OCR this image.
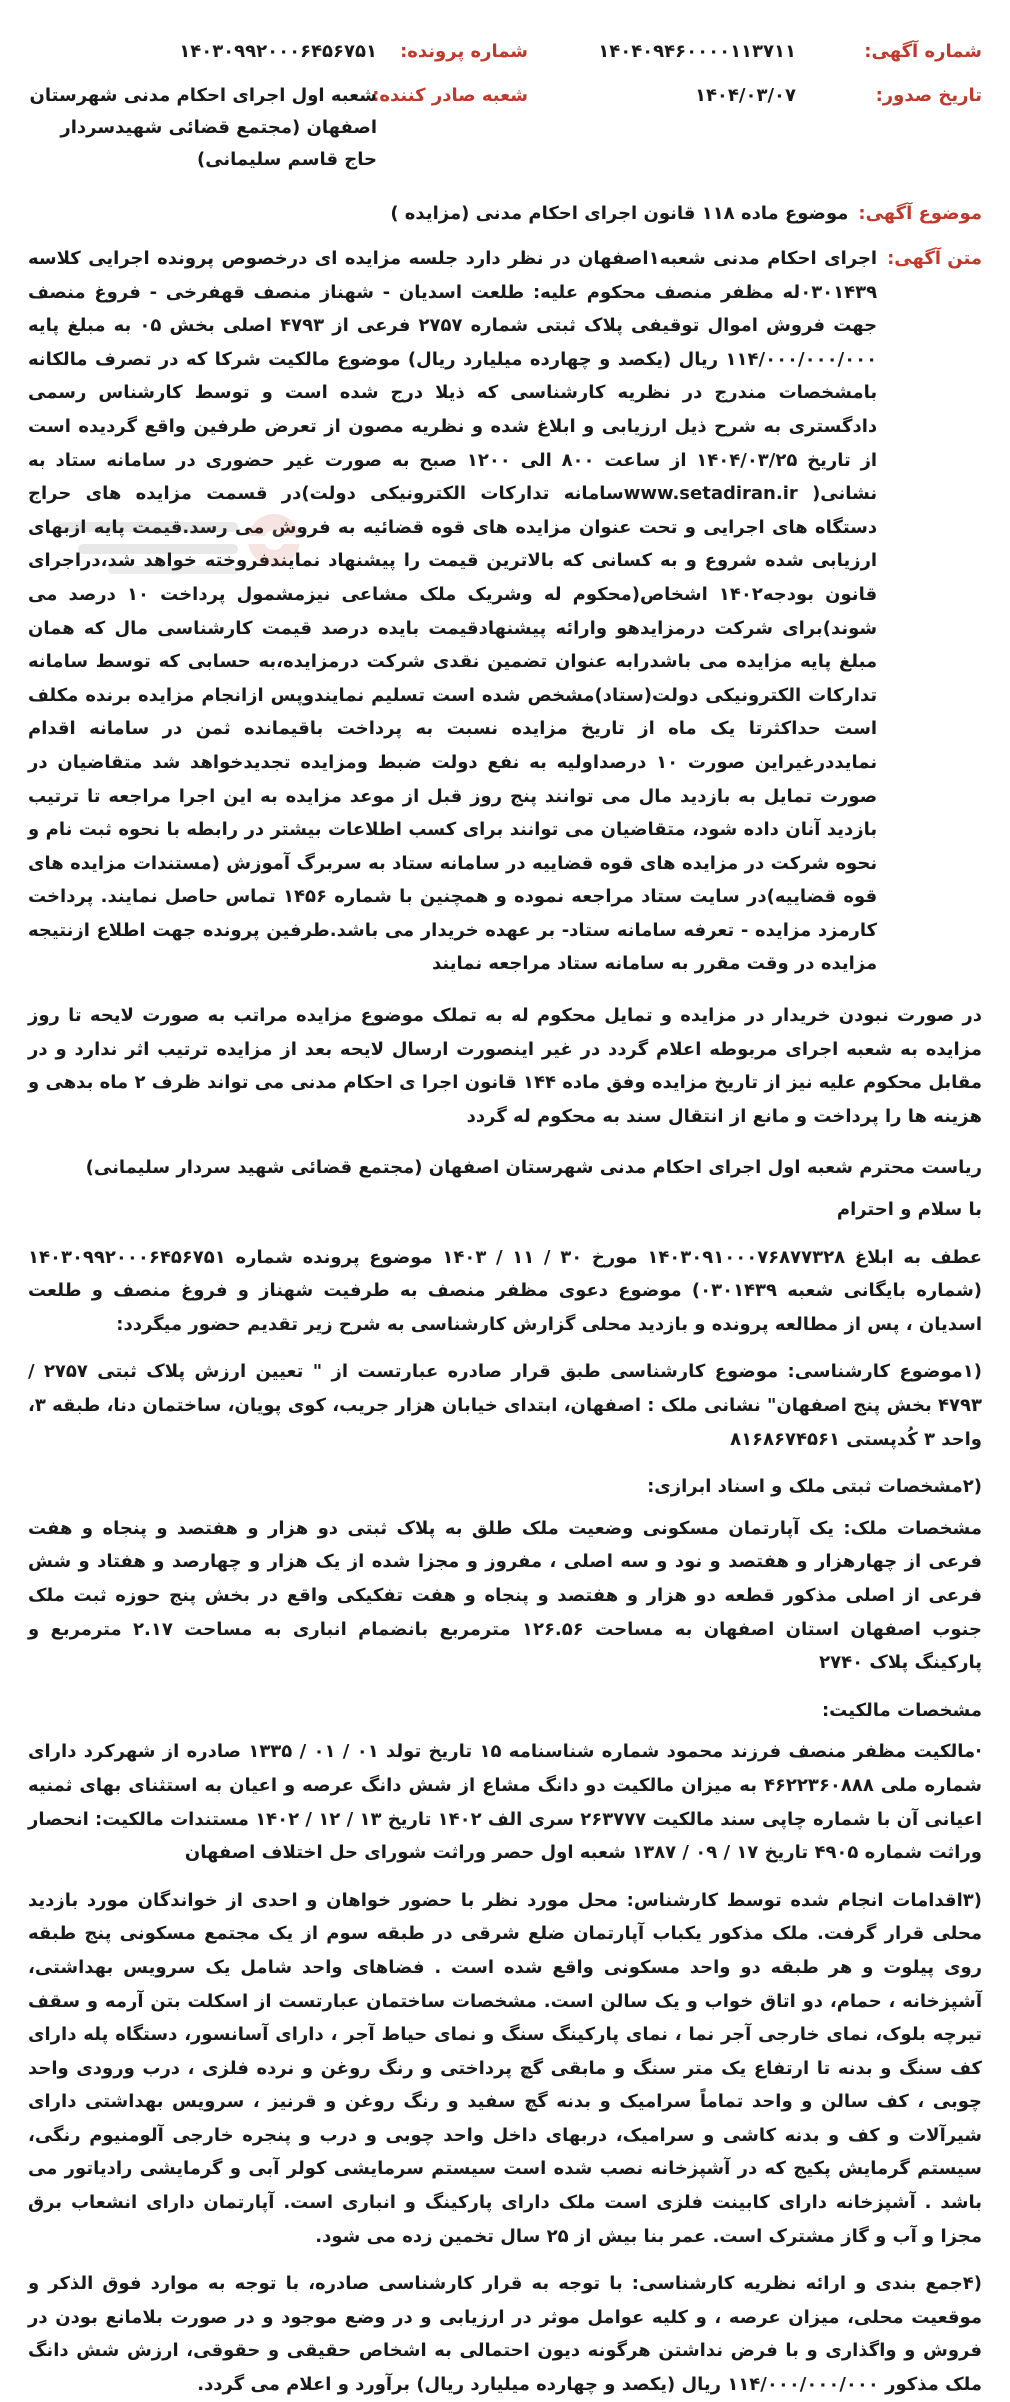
شماره آگهی:
۱۴۰۴۰۹۴۶۰۰۰۰۱۱۳۷۱۱
شماره پرونده:
۱۴۰۳۰۹۹۲۰۰۰۶۴۵۶۷۵۱
تاریخ صدور:
۱۴۰۴/۰۳/۰۷
شعبه صادر کننده:
شعبه اول اجرای احکام مدنی شهرستان اصفهان (مجتمع قضائی شهیدسردار حاج قاسم سلیمانی)
موضوع آگهی:
موضوع ماده ۱۱۸ قانون اجرای احکام مدنی (مزایده )
متن آگهی:

اجرای احکام مدنی شعبه۱اصفهان در نظر دارد جلسه مزایده ای درخصوص پرونده اجرایی کلاسه ۰۳۰۱۴۳۹له مظفر منصف محکوم علیه: طلعت اسدیان - شهناز منصف قهفرخی - فروغ منصف جهت فروش اموال توقیفی پلاک ثبتی شماره ۲۷۵۷ فرعی از ۴۷۹۳ اصلی بخش ۰۵ به مبلغ پایه ۱۱۴/۰۰۰/۰۰۰/۰۰۰ ریال (یکصد و چهارده میلیارد ریال) موضوع مالکیت شرکا که در تصرف مالکانه بامشخصات مندرج در نظریه کارشناسی که ذیلا درج شده است و توسط کارشناس رسمی دادگستری به شرح ذیل ارزیابی و ابلاغ شده و نظریه مصون از تعرض طرفین واقع گردیده است از تاریخ ۱۴۰۴/۰۳/۲۵ از ساعت ۸۰۰ الی ۱۲۰۰ صبح به صورت غیر حضوری در سامانه ستاد به نشانی( www.setadiran.irسامانه تدارکات الکترونیکی دولت)در قسمت مزایده های حراج دستگاه های اجرایی و تحت عنوان مزایده های قوه قضائیه به فروش می رسد.قیمت پایه ازبهای ارزیابی شده شروع و به کسانی که بالاترین قیمت را پیشنهاد نمایندفروخته خواهد شد،دراجرای قانون بودجه۱۴۰۲ اشخاص(محکوم له وشریک ملک مشاعی نیزمشمول پرداخت ۱۰ درصد می شوند)برای شرکت درمزایدهو وارائه پیشنهادقیمت بایده درصد قیمت کارشناسی مال که همان مبلغ پایه مزایده می باشدرابه عنوان تضمین نقدی شرکت درمزایده،به حسابی که توسط سامانه تدارکات الکترونیکی دولت(ستاد)مشخص شده است تسلیم نمایندوپس ازانجام مزایده برنده مکلف است حداکثرتا یک ماه از تاریخ مزایده نسبت به پرداخت باقیمانده ثمن در سامانه اقدام نمایددرغیراین صورت ۱۰ درصداولیه به نفع دولت ضبط ومزایده تجدیدخواهد شد متقاضیان در صورت تمایل به بازدید مال می توانند پنج روز قبل از موعد مزایده به این اجرا مراجعه تا ترتیب بازدید آنان داده شود، متقاضیان می توانند برای کسب اطلاعات بیشتر در رابطه با نحوه ثبت نام و نحوه شرکت در مزایده های قوه قضاییه در سامانه ستاد به سربرگ آموزش (مستندات مزایده های قوه قضاییه)در سایت ستاد مراجعه نموده و همچنین با شماره ۱۴۵۶ تماس حاصل نمایند. پرداخت کارمزد مزایده - تعرفه سامانه ستاد- بر عهده خریدار می باشد.طرفین پرونده جهت اطلاع ازنتیجه مزایده در وقت مقرر به سامانه ستاد مراجعه نمایند

در صورت نبودن خریدار در مزایده و تمایل محکوم له به تملک موضوع مزایده مراتب به صورت لایحه تا روز مزایده به شعبه اجرای مربوطه اعلام گردد در غیر اینصورت ارسال لایحه بعد از مزایده ترتیب اثر ندارد و در مقابل محکوم علیه نیز از تاریخ مزایده وفق ماده ۱۴۴ قانون اجرا ی احکام مدنی می تواند ظرف ۲ ماه بدهی و هزینه ها را پرداخت و مانع از انتقال سند به محکوم له گردد

ریاست محترم شعبه اول اجرای احکام مدنی شهرستان اصفهان (مجتمع قضائی شهید سردار سلیمانی)

با سلام و احترام

عطف به ابلاغ ۱۴۰۳۰۹۱۰۰۰۷۶۸۷۷۳۲۸ مورخ ۳۰ / ۱۱ / ۱۴۰۳ موضوع پرونده شماره ۱۴۰۳۰۹۹۲۰۰۰۶۴۵۶۷۵۱ (شماره بایگانی شعبه ۰۳۰۱۴۳۹) موضوع دعوی مظفر منصف به طرفیت شهناز و فروغ منصف و طلعت اسدیان ، پس از مطالعه پرونده و بازدید محلی گزارش کارشناسی به شرح زیر تقدیم حضور میگردد:

(۱موضوع کارشناسی: موضوع کارشناسی طبق قرار صادره عبارتست از " تعیین ارزش پلاک ثبتی ۲۷۵۷ / ۴۷۹۳ بخش پنج اصفهان" نشانی ملک : اصفهان، ابتدای خیابان هزار جریب، کوی پویان، ساختمان دنا، طبقه ۳، واحد ۳ کُدپستی ۸۱۶۸۶۷۴۵۶۱

(۲مشخصات ثبتی ملک و اسناد ابرازی:

مشخصات ملک: یک آپارتمان مسکونی وضعیت ملک طلق به پلاک ثبتی دو هزار و هفتصد و پنجاه و هفت فرعی از چهارهزار و هفتصد و نود و سه اصلی ، مفروز و مجزا شده از یک هزار و چهارصد و هفتاد و شش فرعی از اصلی مذکور قطعه دو هزار و هفتصد و پنجاه و هفت تفکیکی واقع در بخش پنج حوزه ثبت ملک جنوب اصفهان استان اصفهان به مساحت ۱۲۶.۵۶ مترمربع بانضمام انباری به مساحت ۲.۱۷ مترمربع و پارکینگ پلاک ۲۷۴۰

مشخصات مالکیت:

·مالکیت مظفر منصف فرزند محمود شماره شناسنامه ۱۵ تاریخ تولد ۰۱ / ۰۱ / ۱۳۳۵ صادره از شهرکرد دارای شماره ملی ۴۶۲۲۳۶۰۸۸۸ به میزان مالکیت دو دانگ مشاع از شش دانگ عرصه و اعیان به استثنای بهای ثمنیه اعیانی آن با شماره چاپی سند مالکیت ۲۶۳۷۷۷ سری الف ۱۴۰۲ تاریخ ۱۳ / ۱۲ / ۱۴۰۲ مستندات مالکیت: انحصار وراثت شماره ۴۹۰۵ تاریخ ۱۷ / ۰۹ / ۱۳۸۷ شعبه اول حصر وراثت شورای حل اختلاف اصفهان

(۳اقدامات انجام شده توسط کارشناس: محل مورد نظر با حضور خواهان و احدی از خواندگان مورد بازدید محلی قرار گرفت. ملک مذکور یکباب آپارتمان ضلع شرقی در طبقه سوم از یک مجتمع مسکونی پنج طبقه روی پیلوت و هر طبقه دو واحد مسکونی واقع شده است . فضاهای واحد شامل یک سرویس بهداشتی، آشپزخانه ، حمام، دو اتاق خواب و یک سالن است. مشخصات ساختمان عبارتست از اسکلت بتن آرمه و سقف تیرچه بلوک، نمای خارجی آجر نما ، نمای پارکینگ سنگ و نمای حیاط آجر ، دارای آسانسور، دستگاه پله دارای کف سنگ و بدنه تا ارتفاع یک متر سنگ و مابقی گچ پرداختی و رنگ روغن و نرده فلزی ، درب ورودی واحد چوبی ، کف سالن و واحد تماماً سرامیک و بدنه گچ سفید و رنگ روغن و قرنیز ، سرویس بهداشتی دارای شیرآلات و کف و بدنه کاشی و سرامیک، دربهای داخل واحد چوبی و درب و پنجره خارجی آلومنیوم رنگی، سیستم گرمایش پکیج که در آشپزخانه نصب شده است سیستم سرمایشی کولر آبی و گرمایشی رادیاتور می باشد . آشپزخانه دارای کابینت فلزی است ملک دارای پارکینگ و انباری است. آپارتمان دارای انشعاب برق مجزا و آب و گاز مشترک است. عمر بنا بیش از ۲۵ سال تخمین زده می شود.

(۴جمع بندی و ارائه نظریه کارشناسی: با توجه به قرار کارشناسی صادره، با توجه به موارد فوق الذکر و موقعیت محلی، میزان عرصه ، و کلیه عوامل موثر در ارزیابی و در وضع موجود و در صورت بلامانع بودن در فروش و واگذاری و با فرض نداشتن هرگونه دیون احتمالی به اشخاص حقیقی و حقوقی، ارزش شش دانگ ملک مذکور ۱۱۴/۰۰۰/۰۰۰/۰۰۰ ریال (یکصد و چهارده میلیارد ریال) برآورد و اعلام می گردد.
